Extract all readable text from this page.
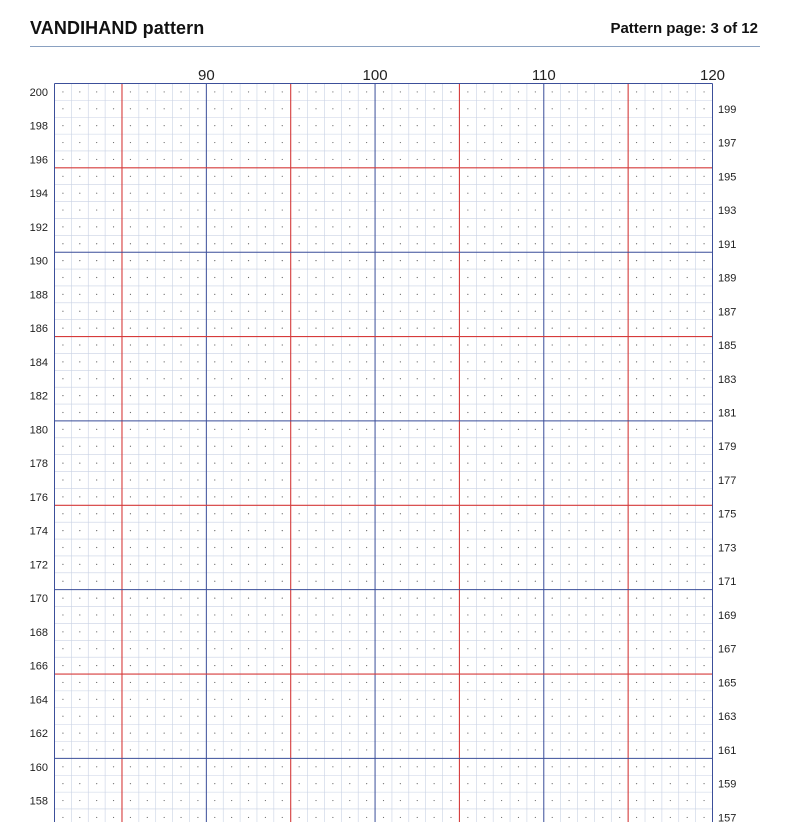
VANDIHAND pattern	Pattern page: 3 of 12
90	100	110	120
200
198
196
194
192
190
188
186
184
182
180
178
176
174
172
170
168
166
164
162
160
158
199
197
195
193
191
189
187
185
183
181
179
177
175
173
171
169
167
165
163
161
159
157
